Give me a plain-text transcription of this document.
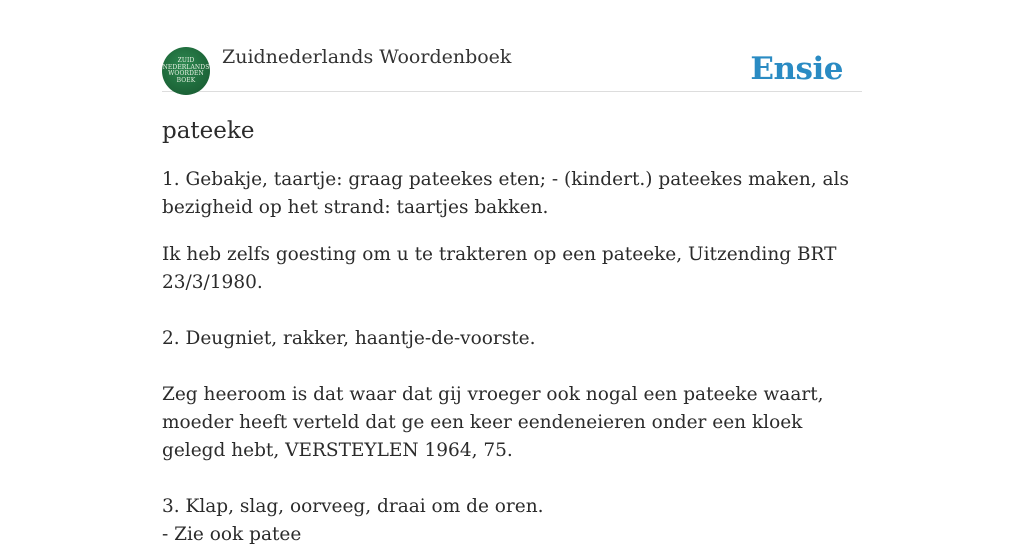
ZUID
NEDERLANDS
WOORDEN
BOEK
Zuidnederlands Woordenboek	Ensie
pateeke

1. Gebakje, taartje: graag pateekes eten; - (kindert.) pateekes maken, als bezigheid op het strand: taartjes bakken.

Ik heb zelfs goesting om u te trakteren op een pateeke, Uitzending BRT 23/3/1980.

2. Deugniet, rakker, haantje-de-voorste.

Zeg heeroom is dat waar dat gij vroeger ook nogal een pateeke waart, moeder heeft verteld dat ge een keer eendeneieren onder een kloek gelegd hebt, VERSTEYLEN 1964, 75.

3. Klap, slag, oorveeg, draai om de oren.

- Zie ook patee
